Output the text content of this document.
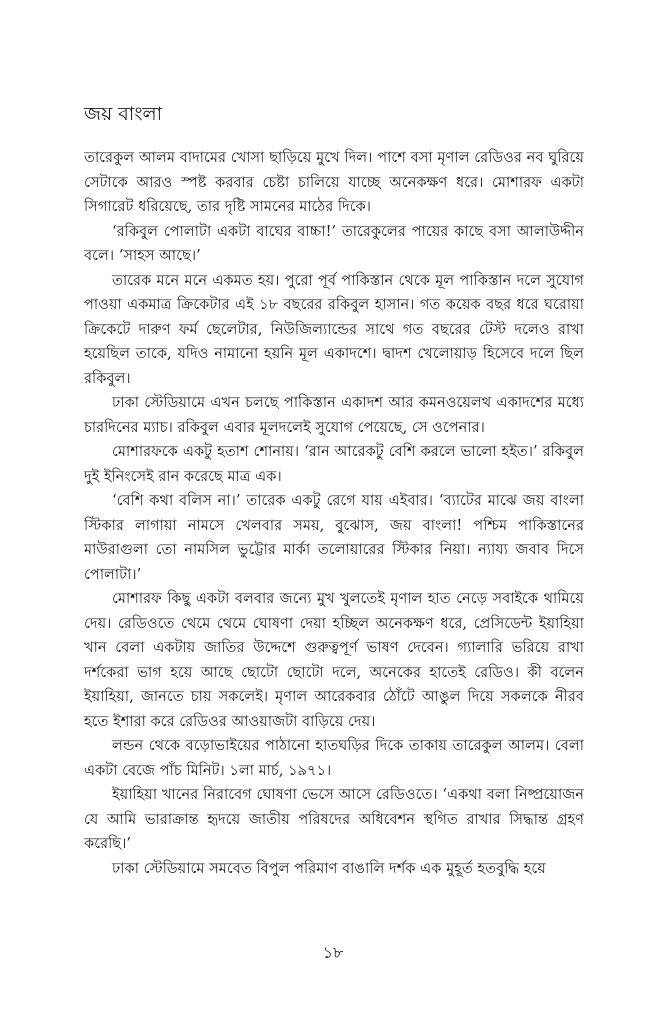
জয় বাংলা

তারেকুল আলম বাদামের খোসা ছাড়িয়ে মুখে দিল। পাশে বসা মৃণাল রেডিওর নব ঘুরিয়ে সেটাকে আরও স্পষ্ট করবার চেষ্টা চালিয়ে যাচ্ছে অনেকক্ষণ ধরে। মোশারফ একটা সিগারেট ধরিয়েছে, তার দৃষ্টি সামনের মাঠের দিকে।

‘রকিবুল পোলাটা একটা বাঘের বাচ্চা!’ তারেকুলের পায়ের কাছে বসা আলাউদ্দীন বলে। ‘সাহস আছে।’

তারেক মনে মনে একমত হয়। পুরো পূর্ব পাকিস্তান থেকে মূল পাকিস্তান দলে সুযোগ পাওয়া একমাত্র ক্রিকেটার এই ১৮ বছরের রকিবুল হাসান। গত কয়েক বছর ধরে ঘরোয়া ক্রিকেটে দারুণ ফর্ম ছেলেটার, নিউজিল্যান্ডের সাথে গত বছরের টেস্ট দলেও রাখা হয়েছিল তাকে, যদিও নামানো হয়নি মূল একাদশে। দ্বাদশ খেলোয়াড় হিসেবে দলে ছিল রকিবুল।

ঢাকা স্টেডিয়ামে এখন চলছে পাকিস্তান একাদশ আর কমনওয়েলথ একাদশের মধ্যে চারদিনের ম্যাচ। রকিবুল এবার মূলদলেই সুযোগ পেয়েছে, সে ওপেনার।

মোশারফকে একটু হতাশ শোনায়। ‘রান আরেকটু বেশি করলে ভালো হইত।’ রকিবুল দুই ইনিংসেই রান করেছে মাত্র এক।

‘বেশি কথা বলিস না।’ তারেক একটু রেগে যায় এইবার। ‘ব্যাটের মাঝে জয় বাংলা স্টিকার লাগায়া নামসে খেলবার সময়, বুঝোস, জয় বাংলা! পশ্চিম পাকিস্তানের মাউরাগুলা তো নামসিল ভুট্টোর মার্কা তলোয়ারের স্টিকার নিয়া। ন্যায্য জবাব দিসে পোলাটা।’

মোশারফ কিছু একটা বলবার জন্যে মুখ খুলতেই মৃণাল হাত নেড়ে সবাইকে থামিয়ে দেয়। রেডিওতে থেমে থেমে ঘোষণা দেয়া হচ্ছিল অনেকক্ষণ ধরে, প্রেসিডেন্ট ইয়াহিয়া খান বেলা একটায় জাতির উদ্দেশে গুরুত্বপূর্ণ ভাষণ দেবেন। গ্যালারি ভরিয়ে রাখা দর্শকেরা ভাগ হয়ে আছে ছোটো ছোটো দলে, অনেকের হাতেই রেডিও। কী বলেন ইয়াহিয়া, জানতে চায় সকলেই। মৃণাল আরেকবার ঠোঁটে আঙুল দিয়ে সকলকে নীরব হতে ইশারা করে রেডিওর আওয়াজটা বাড়িয়ে দেয়।

লন্ডন থেকে বড়োভাইয়ের পাঠানো হাতঘড়ির দিকে তাকায় তারেকুল আলম। বেলা একটা বেজে পাঁচ মিনিট। ১লা মার্চ, ১৯৭১।

ইয়াহিয়া খানের নিরাবেগ ঘোষণা ভেসে আসে রেডিওতে। ‘একথা বলা নিষ্প্রয়োজন যে আমি ভারাক্রান্ত হৃদয়ে জাতীয় পরিষদের অধিবেশন স্থগিত রাখার সিদ্ধান্ত গ্রহণ করেছি।’

ঢাকা স্টেডিয়ামে সমবেত বিপুল পরিমাণ বাঙালি দর্শক এক মুহূর্ত হতবুদ্ধি হয়ে

১৮
